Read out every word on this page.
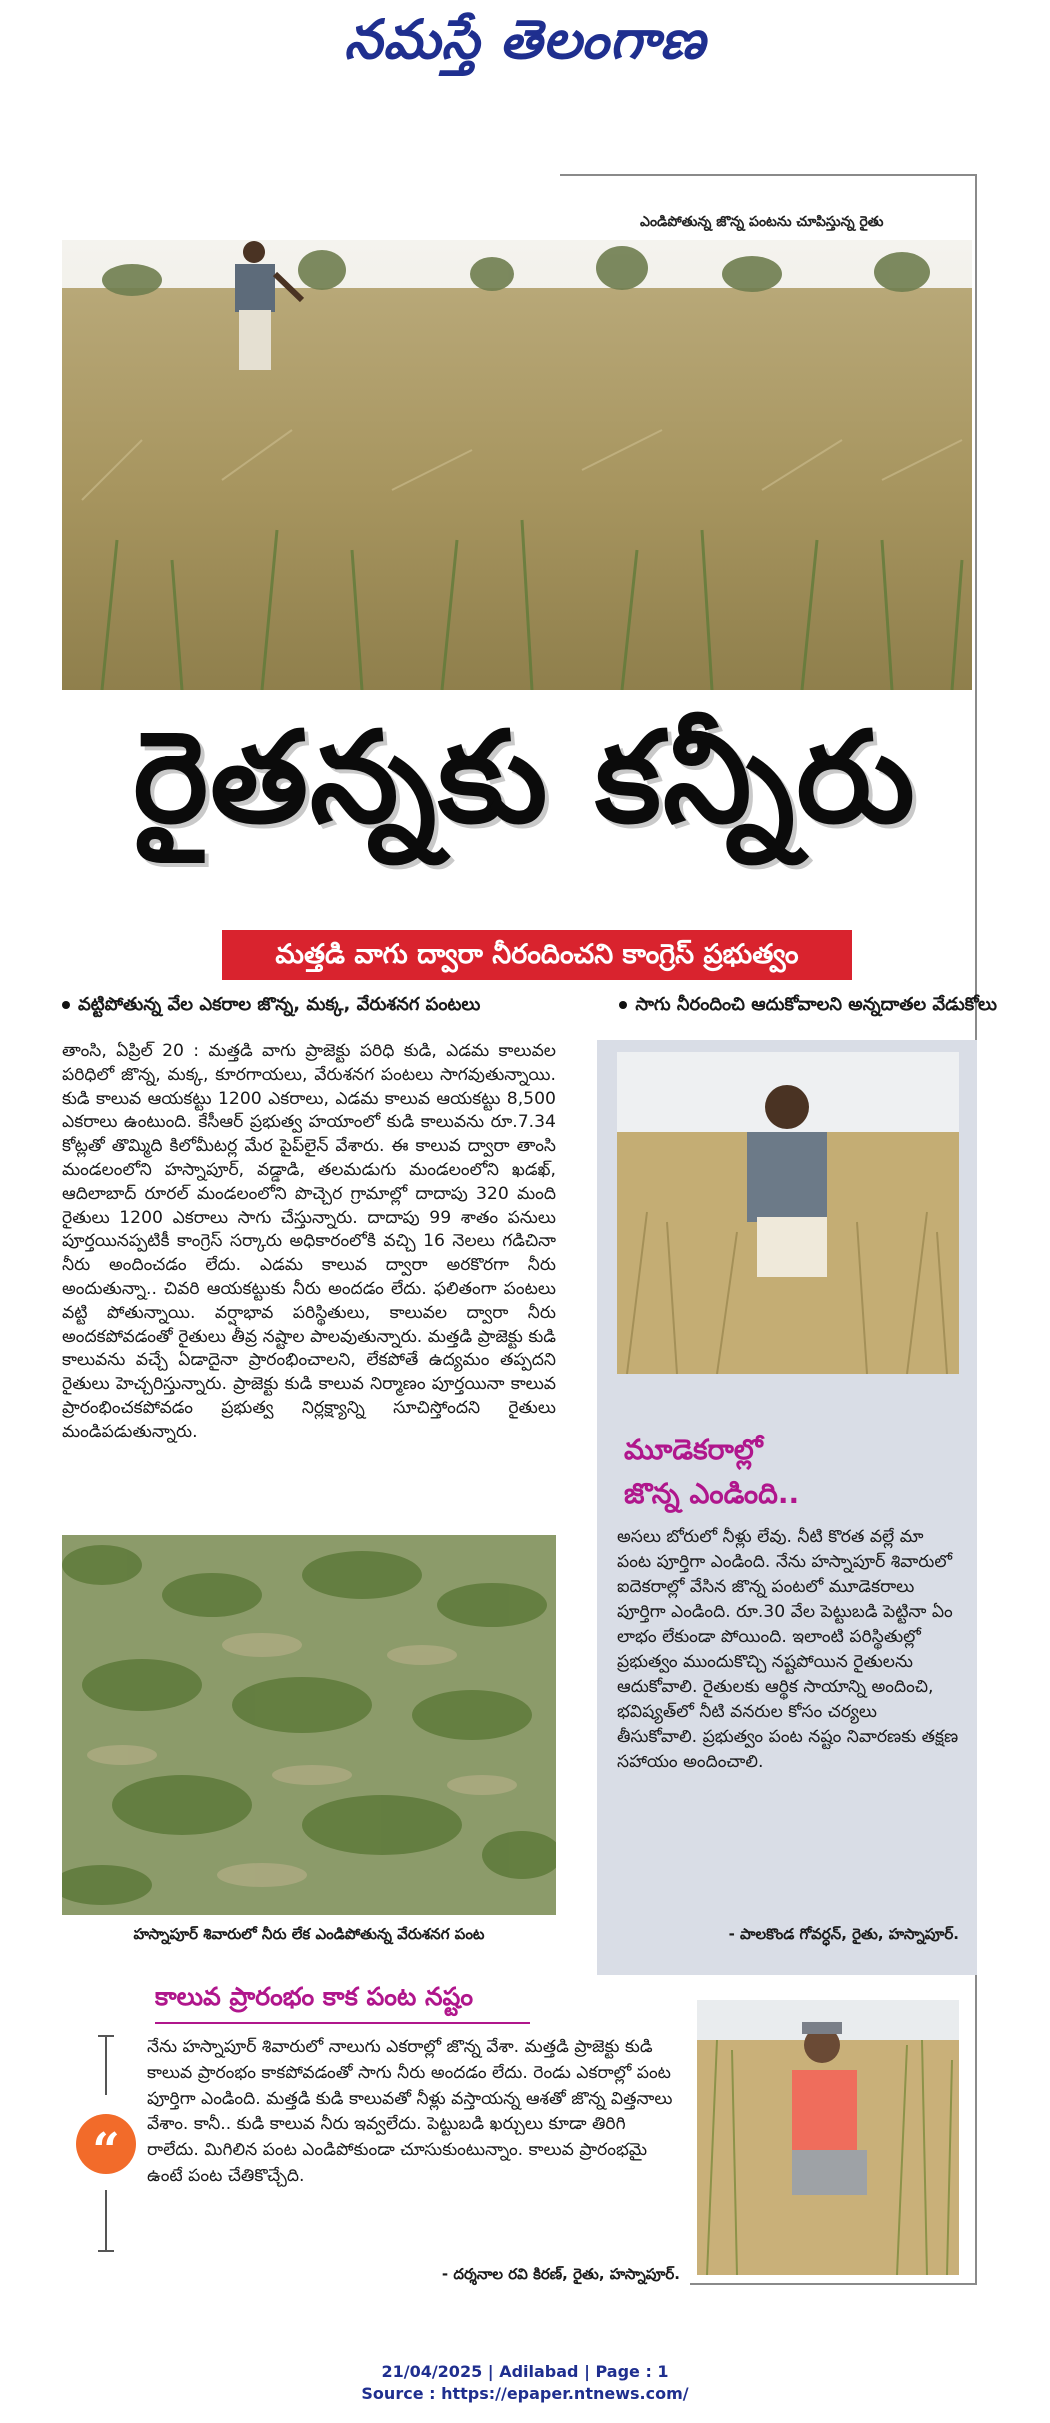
నమస్తే తెలంగాణ
ఎండిపోతున్న జొన్న పంటను చూపిస్తున్న రైతు
రైతన్నకు కన్నీరు
మత్తడి వాగు ద్వారా నీరందించని కాంగ్రెస్ ప్రభుత్వం
వట్టిపోతున్న వేల ఎకరాల జొన్న, మక్క, వేరుశనగ పంటలు	సాగు నీరందించి ఆదుకోవాలని అన్నదాతల వేడుకోలు
తాంసి, ఏప్రిల్ 20 : మత్తడి వాగు ప్రాజెక్టు పరిధి కుడి, ఎడమ కాలువల పరిధిలో జొన్న, మక్క, కూరగాయలు, వేరుశనగ పంటలు సాగవుతున్నాయి. కుడి కాలువ ఆయకట్టు 1200 ఎకరాలు, ఎడమ కాలువ ఆయకట్టు 8,500 ఎకరాలు ఉంటుంది. కేసీఆర్ ప్రభుత్వ హయాంలో కుడి కాలువను రూ.7.34 కోట్లతో తొమ్మిది కిలోమీటర్ల మేర పైప్‌లైన్ వేశారు. ఈ కాలువ ద్వారా తాంసి మండలంలోని హస్నాపూర్, వడ్డాడి, తలమడుగు మండలంలోని ఖడఖ్, ఆదిలాబాద్ రూరల్ మండలంలోని పొచ్చెర గ్రామాల్లో దాదాపు 320 మంది రైతులు 1200 ఎకరాలు సాగు చేస్తున్నారు. దాదాపు 99 శాతం పనులు పూర్తయినప్పటికీ కాంగ్రెస్ సర్కారు అధికారంలోకి వచ్చి 16 నెలలు గడిచినా నీరు అందించడం లేదు. ఎడమ కాలువ ద్వారా అరకొరగా నీరు అందుతున్నా.. చివరి ఆయకట్టుకు నీరు అందడం లేదు. ఫలితంగా పంటలు వట్టి పోతున్నాయి. వర్షాభావ పరిస్థితులు, కాలువల ద్వారా నీరు అందకపోవడంతో రైతులు తీవ్ర నష్టాల పాలవుతున్నారు. మత్తడి ప్రాజెక్టు కుడి కాలువను వచ్చే ఏడాదైనా ప్రారంభించాలని, లేకపోతే ఉద్యమం తప్పదని రైతులు హెచ్చరిస్తున్నారు. ప్రాజెక్టు కుడి కాలువ నిర్మాణం పూర్తయినా కాలువ ప్రారంభించకపోవడం ప్రభుత్వ నిర్లక్ష్యాన్ని సూచిస్తోందని రైతులు మండిపడుతున్నారు.
హస్నాపూర్ శివారులో నీరు లేక ఎండిపోతున్న వేరుశనగ పంట
మూడెకరాల్లో
జొన్న ఎండింది..
అసలు బోరులో నీళ్లు లేవు. నీటి కొరత వల్లే మా పంట పూర్తిగా ఎండింది. నేను హస్నాపూర్ శివారులో ఐదెకరాల్లో వేసిన జొన్న పంటలో మూడెకరాలు పూర్తిగా ఎండింది. రూ.30 వేల పెట్టుబడి పెట్టినా ఏం లాభం లేకుండా పోయింది. ఇలాంటి పరిస్థితుల్లో ప్రభుత్వం ముందుకొచ్చి నష్టపోయిన రైతులను ఆదుకోవాలి. రైతులకు ఆర్థిక సాయాన్ని అందించి, భవిష్యత్‌లో నీటి వనరుల కోసం చర్యలు తీసుకోవాలి. ప్రభుత్వం పంట నష్టం నివారణకు తక్షణ సహాయం అందించాలి.
- పాలకొండ గోవర్ధన్, రైతు, హస్నాపూర్.
కాలువ ప్రారంభం కాక పంట నష్టం
“
నేను హస్నాపూర్ శివారులో నాలుగు ఎకరాల్లో జొన్న వేశా. మత్తడి ప్రాజెక్టు కుడి కాలువ ప్రారంభం కాకపోవడంతో సాగు నీరు అందడం లేదు. రెండు ఎకరాల్లో పంట పూర్తిగా ఎండింది. మత్తడి కుడి కాలువతో నీళ్లు వస్తాయన్న ఆశతో జొన్న విత్తనాలు వేశాం. కానీ.. కుడి కాలువ నీరు ఇవ్వలేదు. పెట్టుబడి ఖర్చులు కూడా తిరిగి రాలేదు. మిగిలిన పంట ఎండిపోకుండా చూసుకుంటున్నాం. కాలువ ప్రారంభమై ఉంటే పంట చేతికొచ్చేది.
- దర్శనాల రవి కిరణ్, రైతు, హస్నాపూర్.
21/04/2025 | Adilabad | Page : 1
Source : https://epaper.ntnews.com/
